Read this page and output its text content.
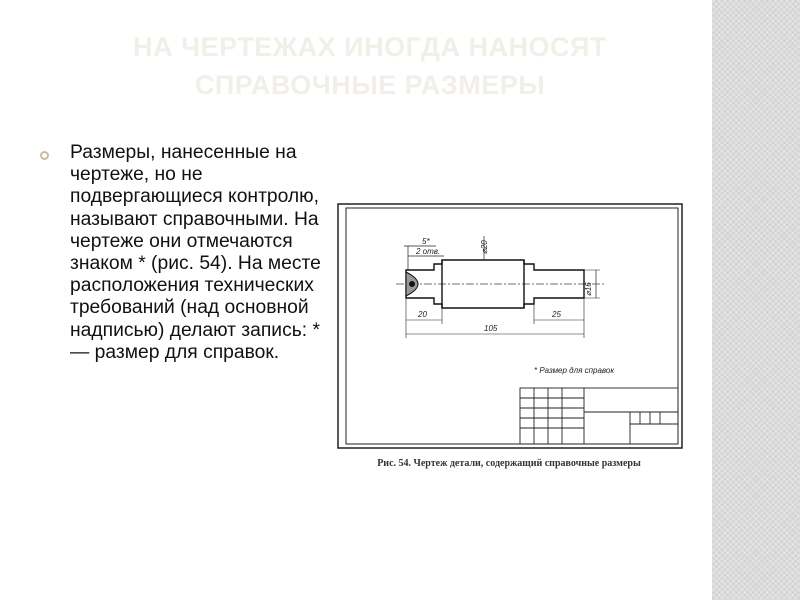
НА ЧЕРТЕЖАХ ИНОГДА НАНОСЯТ СПРАВОЧНЫЕ РАЗМЕРЫ
Размеры, нанесенные на чертеже, но не подвергающиеся контролю, называют справочными. На чертеже они отмечаются знаком * (рис. 54). На месте расположения технических требований (над основной надписью) делают запись: * — размер для справок.
5*
2 отв.	⌀20
⌀16
20	25
105
* Размер для справок
Рис. 54. Чертеж детали, содержащий справочные размеры
